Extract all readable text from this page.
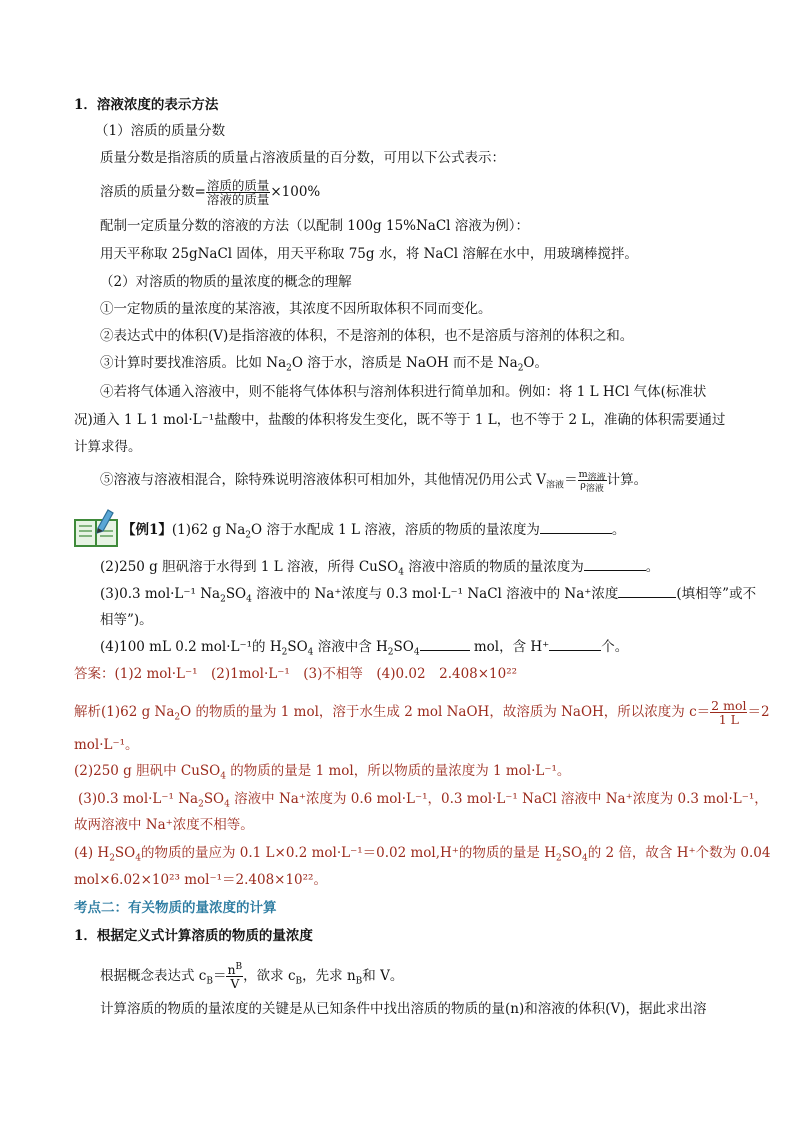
1．溶液浓度的表示方法
（1）溶质的质量分数
质量分数是指溶质的质量占溶液质量的百分数，可用以下公式表示：
溶质的质量分数= $\frac{\text{溶质的质量}}{\text{溶液的质量}} \times 100\%$
配制一定质量分数的溶液的方法（以配制 100g 15%NaCl 溶液为例）：
用天平称取 25gNaCl 固体，用天平称取 75g 水，将 NaCl 溶解在水中，用玻璃棒搅拌。
（2）对溶质的物质的量浓度的概念的理解
①一定物质的量浓度的某溶液，其浓度不因所取体积不同而变化。
②表达式中的体积(V)是指溶液的体积，不是溶剂的体积，也不是溶质与溶剂的体积之和。
③计算时要找准溶质。比如 $Na_2O$ 溶于水，溶质是 NaOH 而不是 $Na_2O$。
④若将气体通入溶液中，则不能将气体体积与溶剂体积进行简单加和。例如：将 1 L HCl 气体(标准状
况)通入 1 L 1 mol·L⁻¹盐酸中，盐酸的体积将发生变化，既不等于 1 L，也不等于 2 L，准确的体积需要通过
计算求得。
⑤溶液与溶液相混合，除特殊说明溶液体积可相加外，其他情况仍用公式 $V_{溶液}= \frac{m_{溶液}}{\rho_{溶液}}$ 计算。
【例1】(1)62 g $Na_2O$ 溶于水配成 1 L 溶液，溶质的物质的量浓度为	。
(2)250 g 胆矾溶于水得到 1 L 溶液，所得 CuSO$_4$ 溶液中溶质的物质的量浓度为	。
(3)0.3 mol·L⁻¹ $Na_2SO_4$ 溶液中的 Na⁺浓度与 0.3 mol·L⁻¹ NaCl 溶液中的 Na⁺浓度	(填相等”或不
相等”)。
(4)100 mL 0.2 mol·L⁻¹的 $H_2SO_4$ 溶液中含 $H_2SO_4$	mol，含 H⁺	个。
答案：(1)2 mol·L⁻¹　(2)1mol·L⁻¹　(3)不相等　(4)0.02　2.408×10²²
解析(1)62 g $Na_2O$ 的物质的量为 1 mol，溶于水生成 2 mol NaOH，故溶质为 NaOH，所以浓度为 $c= \frac{\text{2 mol}}{1 L} =2$
mol·L⁻¹。
(2)250 g 胆矾中 CuSO$_4$ 的物质的量是 1 mol，所以物质的量浓度为 1 mol·L⁻¹。
(3)0.3 mol·L⁻¹ $Na_2SO_4$ 溶液中 Na⁺浓度为 0.6 mol·L⁻¹，0.3 mol·L⁻¹ NaCl 溶液中 Na⁺浓度为 0.3 mol·L⁻¹，
故两溶液中 Na⁺浓度不相等。
(4) $H_2SO_4$的物质的量应为 0.1 L×0.2 mol·L⁻¹＝0.02 mol,H⁺的物质的量是 $H_2SO_4$的 2 倍，故含 H⁺个数为 0.04
mol×6.02×10²³ mol⁻¹＝2.408×10²²。
考点二：有关物质的量浓度的计算
1．根据定义式计算溶质的物质的量浓度
根据概念表达式 $c_B= \frac{n^B}{V}$ ，欲求 $c_B$，先求 $n_B$和 V。
计算溶质的物质的量浓度的关键是从已知条件中找出溶质的物质的量(n)和溶液的体积(V)，据此求出溶
